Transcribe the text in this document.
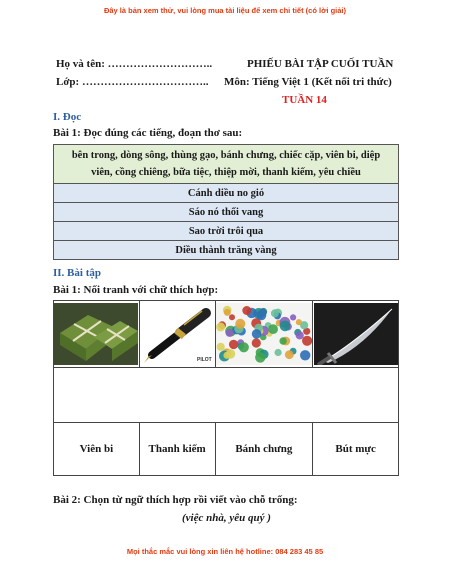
Đây là bản xem thử, vui lòng mua tài liệu để xem chi tiết (có lời giải)
Họ và tên: ………………………..
Lớp: ……………………………..
PHIẾU BÀI TẬP CUỐI TUẦN
Môn: Tiếng Việt 1 (Kết nối tri thức)
TUẦN 14
I. Đọc
Bài 1: Đọc đúng các tiếng, đoạn thơ sau:
bên trong, dòng sông, thùng gạo, bánh chưng, chiếc cặp, viên bi, diệp viên, cồng chiêng, bữa tiệc, thiệp mời, thanh kiếm, yêu chiều
Cánh diều no gió
Sáo nó thổi vang
Sao trời trôi qua
Diều thành trăng vàng
II. Bài tập
Bài 1: Nối tranh với chữ thích hợp:

PILOT

Viên bi	Thanh kiếm	Bánh chưng	Bút mực
Bài 2: Chọn từ ngữ thích hợp rồi viết vào chỗ trống:
(việc nhà, yêu quý )
Mọi thắc mắc vui lòng xin liên hệ hotline: 084 283 45 85
